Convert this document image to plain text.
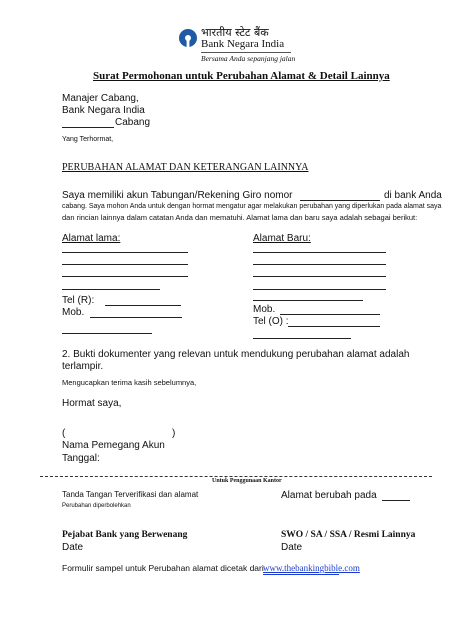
भारतीय स्टेट बैंक
Bank Negara India
Bersama Anda sepanjang jalan
Surat Permohonan untuk Perubahan Alamat & Detail Lainnya
Manajer Cabang,
Bank Negara India
Cabang
Yang Terhormat,
PERUBAHAN ALAMAT DAN KETERANGAN LAINNYA
Saya memiliki akun Tabungan/Rekening Giro nomor	di bank Anda
cabang. Saya mohon Anda untuk dengan hormat mengatur agar melakukan perubahan yang diperlukan pada alamat saya
dan rincian lainnya dalam catatan Anda dan mematuhi. Alamat lama dan baru saya adalah sebagai berikut:
Alamat lama:
Tel (R):
Mob.
Alamat Baru:
Mob.
Tel (O) :
2. Bukti dokumenter yang relevan untuk mendukung perubahan alamat adalah
terlampir.
Mengucapkan terima kasih sebelumnya,
Hormat saya,
(	)
Nama Pemegang Akun
Tanggal:
Untuk Penggunaan Kantor
Tanda Tangan Terverifikasi dan alamat
Perubahan diperbolehkan
Alamat berubah pada
Pejabat Bank yang Berwenang
Date
SWO / SA / SSA / Resmi Lainnya
Date
Formulir sampel untuk Perubahan alamat dicetak dari www.thebankingbible.com
